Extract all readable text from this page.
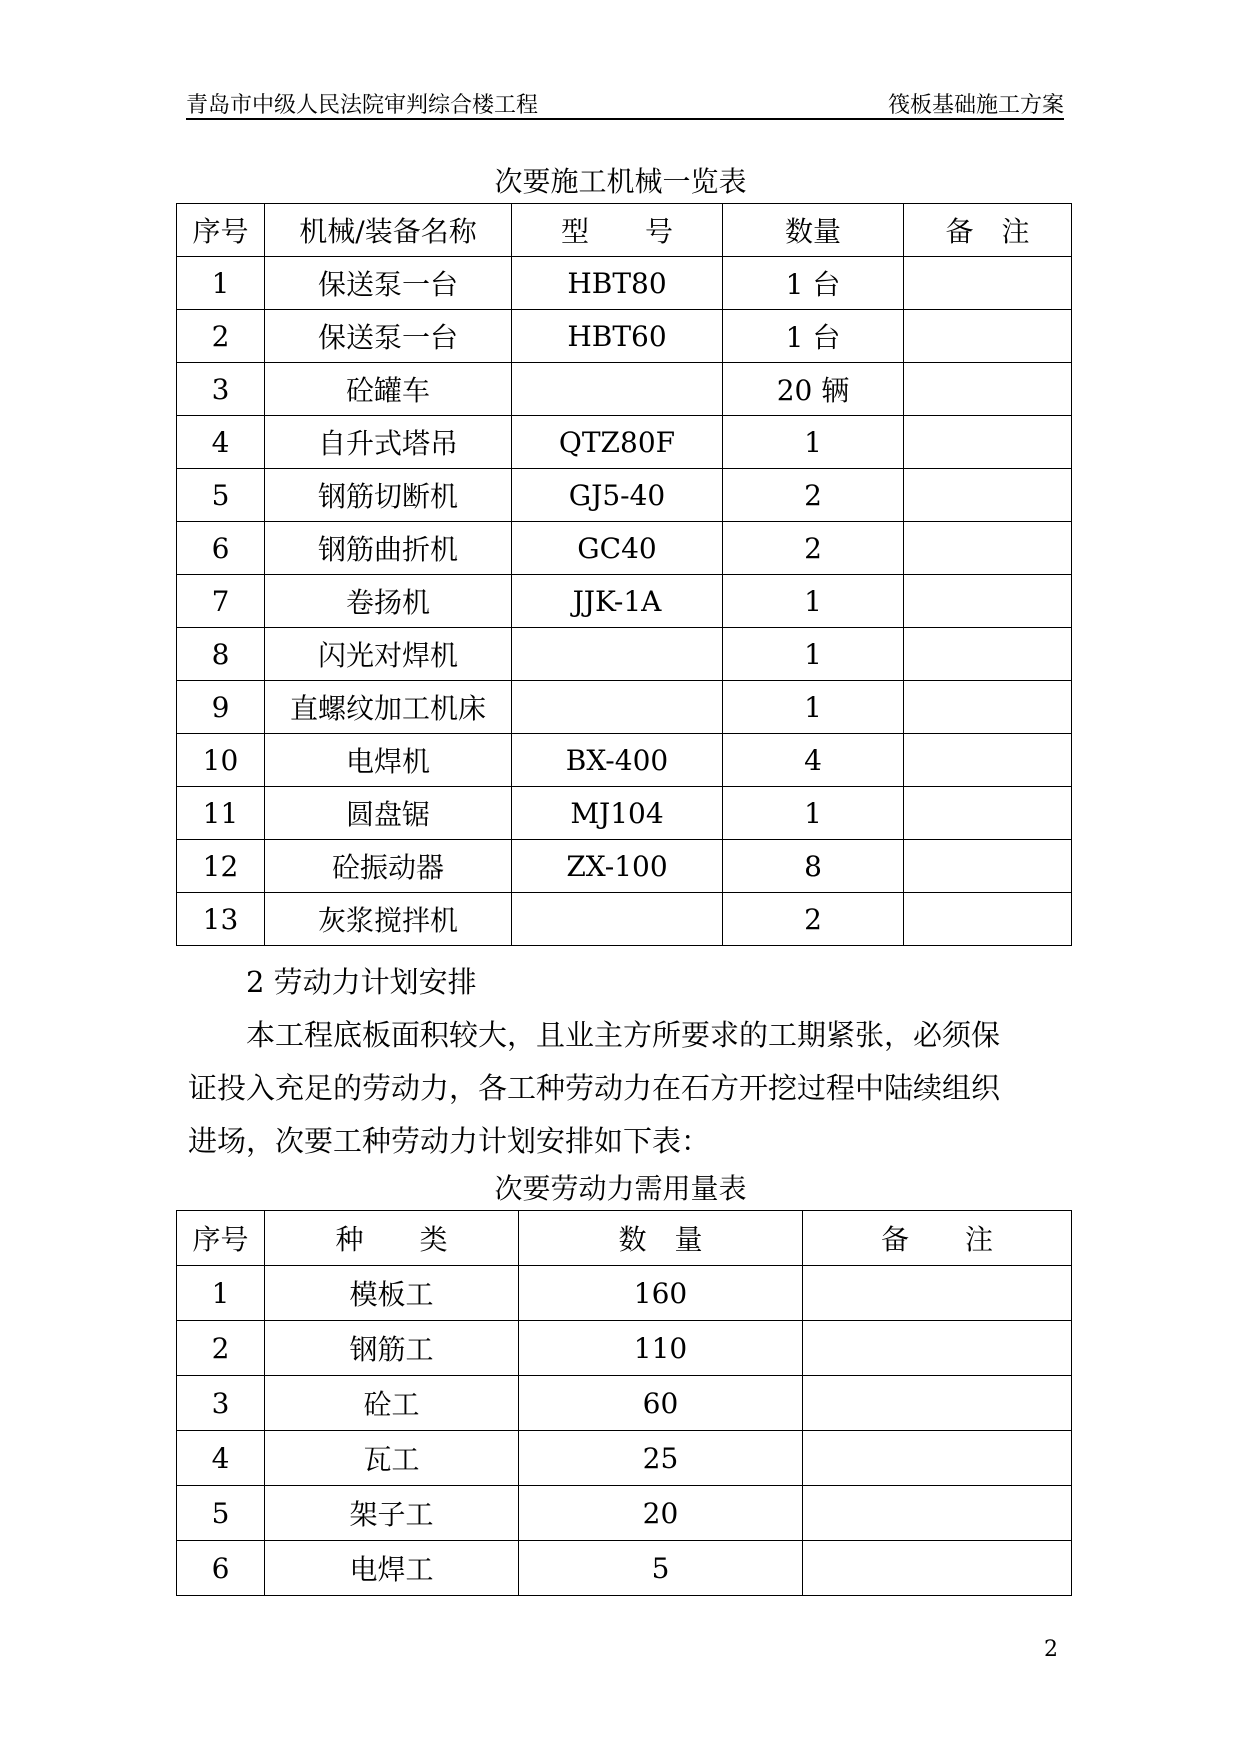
青岛市中级人民法院审判综合楼工程	筏板基础施工方案
次要施工机械一览表
序号	机械/装备名称	型　　号	数量	备　注
1	保送泵一台	HBT80	1 台	
2	保送泵一台	HBT60	1 台	
3	砼罐车		20 辆	
4	自升式塔吊	QTZ80F	1	
5	钢筋切断机	GJ5-40	2	
6	钢筋曲折机	GC40	2	
7	卷扬机	JJK-1A	1	
8	闪光对焊机		1	
9	直螺纹加工机床		1	
10	电焊机	BX-400	4	
11	圆盘锯	MJ104	1	
12	砼振动器	ZX-100	8	
13	灰浆搅拌机		2	
2 劳动力计划安排
本工程底板面积较大，且业主方所要求的工期紧张，必须保
证投入充足的劳动力，各工种劳动力在石方开挖过程中陆续组织
进场，次要工种劳动力计划安排如下表：
次要劳动力需用量表
序号	种　　类	数　量	备　　注
1	模板工	160	
2	钢筋工	110	
3	砼工	60	
4	瓦工	25	
5	架子工	20	
6	电焊工	5	
2
